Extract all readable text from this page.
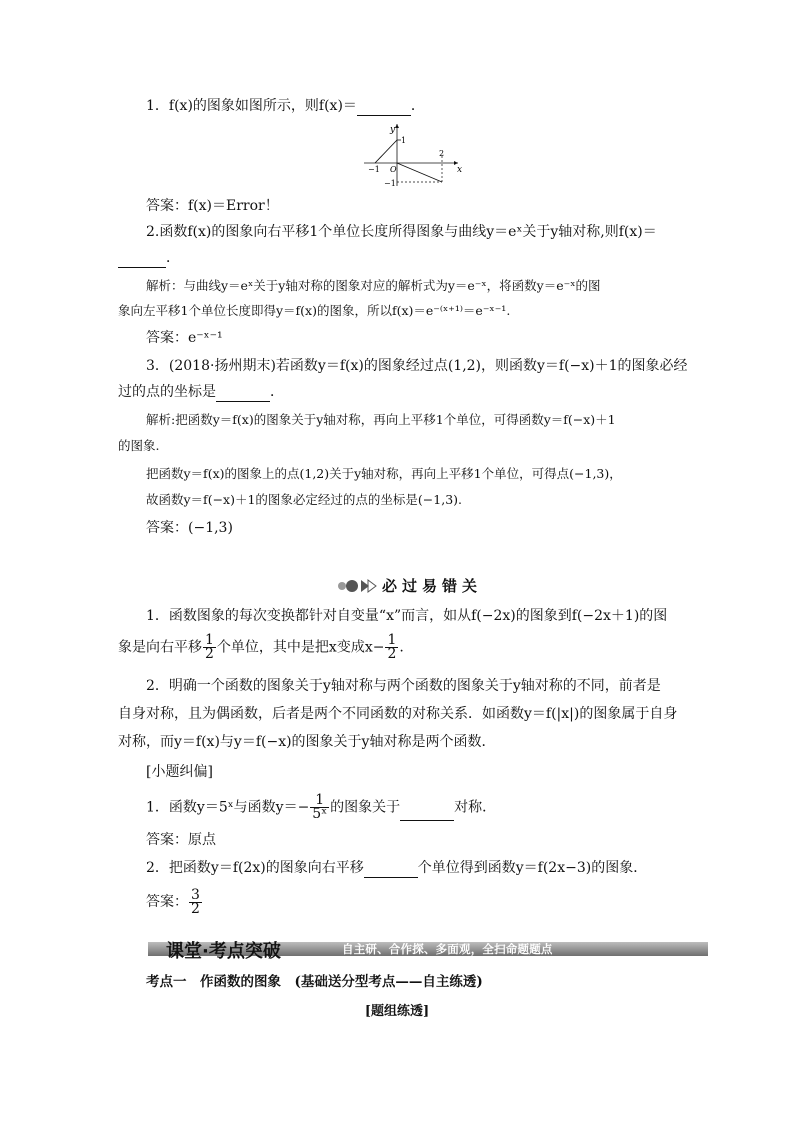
1．f(x)的图象如图所示，则f(x)＝	．
y
x
O
−1
2
1
−1
答案：f(x)＝Error！
2.函数f(x)的图象向右平移1个单位长度所得图象与曲线y＝eˣ关于y轴对称,则f(x)＝
．
解析：与曲线y＝eˣ关于y轴对称的图象对应的解析式为y＝e⁻ˣ，将函数y＝e⁻ˣ的图
象向左平移1个单位长度即得y＝f(x)的图象，所以f(x)＝e⁻⁽ˣ⁺¹⁾＝e⁻ˣ⁻¹.
答案：e⁻ˣ⁻¹
3．(2018·扬州期末)若函数y＝f(x)的图象经过点(1,2)，则函数y＝f(−x)＋1的图象必经
过的点的坐标是	．
解析:把函数y＝f(x)的图象关于y轴对称，再向上平移1个单位，可得函数y＝f(−x)＋1
的图象.
把函数y＝f(x)的图象上的点(1,2)关于y轴对称，再向上平移1个单位，可得点(−1,3)，
故函数y＝f(−x)＋1的图象必定经过的点的坐标是(−1,3).
答案：(−1,3)
必过易错关
1．函数图象的每次变换都针对自变量“x”而言，如从f(−2x)的图象到f(−2x＋1)的图
象是向右平移 $\frac{1}{2}$ 个单位，其中是把x变成$x- \frac{1}{2}$ .
2．明确一个函数的图象关于y轴对称与两个函数的图象关于y轴对称的不同，前者是
自身对称，且为偶函数，后者是两个不同函数的对称关系．如函数y＝f(|x|)的图象属于自身
对称，而y＝f(x)与y＝f(−x)的图象关于y轴对称是两个函数．
[小题纠偏]
1．函数y＝5ˣ与函数$y=- \frac{1}{\text{5ˣ}}$ 的图象关于	对称．
答案：原点
2．把函数y＝f(2x)的图象向右平移	个单位得到函数y＝f(2x−3)的图象．
答案： $\frac{3}{2}$
课堂·考点突破	自主研、合作探、多面观，全扫命题题点
考点一　作函数的图象　(基础送分型考点——自主练透)
[题组练透]
